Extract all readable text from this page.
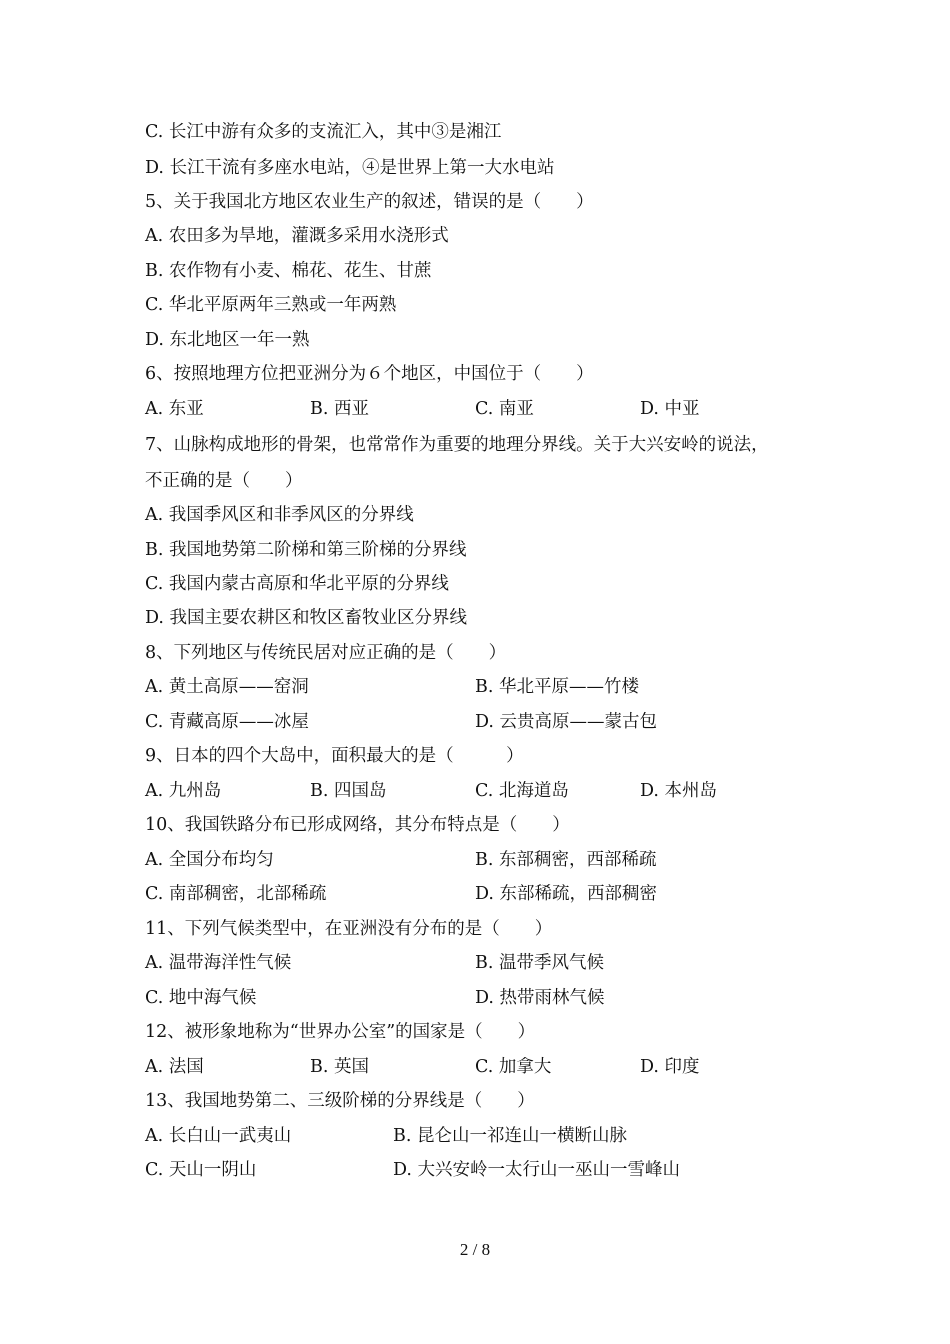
C. 长江中游有众多的支流汇入，其中③是湘江
D. 长江干流有多座水电站，④是世界上第一大水电站
5、关于我国北方地区农业生产的叙述，错误的是（　　）
A. 农田多为旱地，灌溉多采用水浇形式
B. 农作物有小麦、棉花、花生、甘蔗
C. 华北平原两年三熟或一年两熟
D. 东北地区一年一熟
6、按照地理方位把亚洲分为６个地区，中国位于（　　）
A. 东亚	B. 西亚	C. 南亚	D. 中亚
7、山脉构成地形的骨架，也常常作为重要的地理分界线。关于大兴安岭的说法，
不正确的是（　　）
A. 我国季风区和非季风区的分界线
B. 我国地势第二阶梯和第三阶梯的分界线
C. 我国内蒙古高原和华北平原的分界线
D. 我国主要农耕区和牧区畜牧业区分界线
8、下列地区与传统民居对应正确的是（　　）
A. 黄土高原——窑洞	B. 华北平原——竹楼
C. 青藏高原——冰屋	D. 云贵高原——蒙古包
9、日本的四个大岛中，面积最大的是（　　　）
A. 九州岛	B. 四国岛	C. 北海道岛	D. 本州岛
10、我国铁路分布已形成网络，其分布特点是（　　）
A. 全国分布均匀	B. 东部稠密，西部稀疏
C. 南部稠密，北部稀疏	D. 东部稀疏，西部稠密
11、下列气候类型中，在亚洲没有分布的是（　　）
A. 温带海洋性气候	B. 温带季风气候
C. 地中海气候	D. 热带雨林气候
12、被形象地称为“世界办公室”的国家是（　　）
A. 法国	B. 英国	C. 加拿大	D. 印度
13、我国地势第二、三级阶梯的分界线是（　　）
A. 长白山一武夷山	B. 昆仑山一祁连山一横断山脉
C. 天山一阴山	D. 大兴安岭一太行山一巫山一雪峰山
2 / 8
